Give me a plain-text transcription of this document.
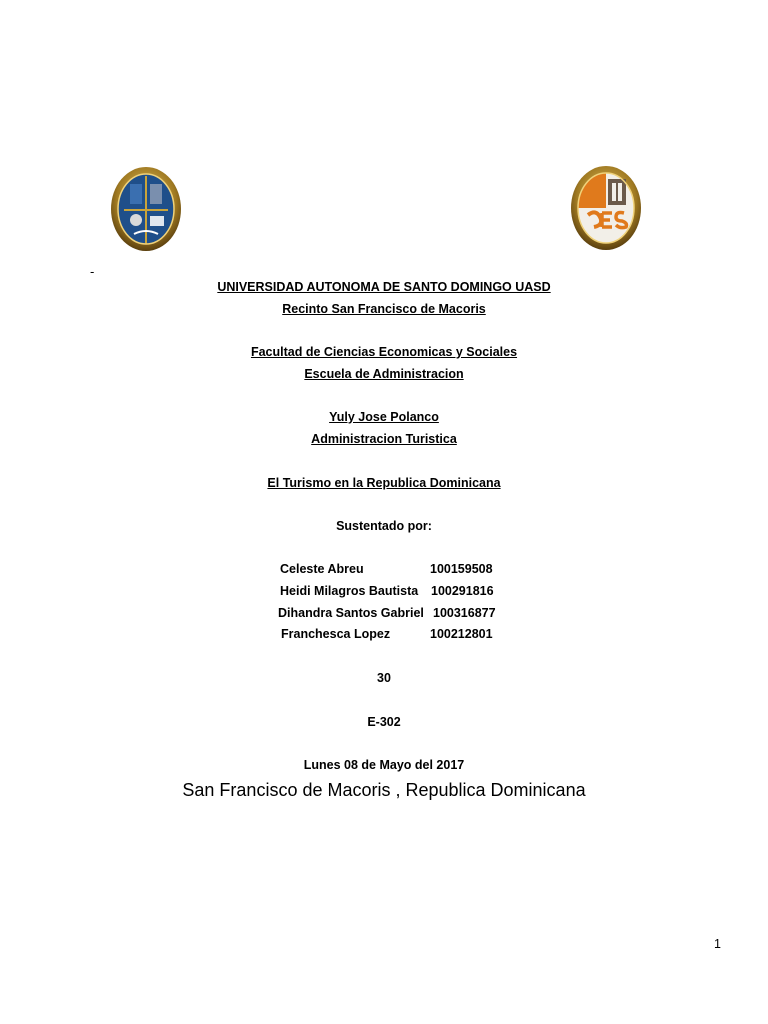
-
UNIVERSIDAD AUTONOMA DE SANTO DOMINGO UASD
Recinto San Francisco de Macoris
Facultad de Ciencias Economicas y Sociales
Escuela de Administracion
Yuly Jose Polanco
Administracion Turistica
El Turismo en la Republica Dominicana
Sustentado por:
Celeste Abreu	100159508
Heidi Milagros Bautista 100291816
Dihandra Santos Gabriel 100316877
Franchesca Lopez	100212801
30
E-302
Lunes 08 de Mayo del 2017
San Francisco de Macoris , Republica Dominicana
1
